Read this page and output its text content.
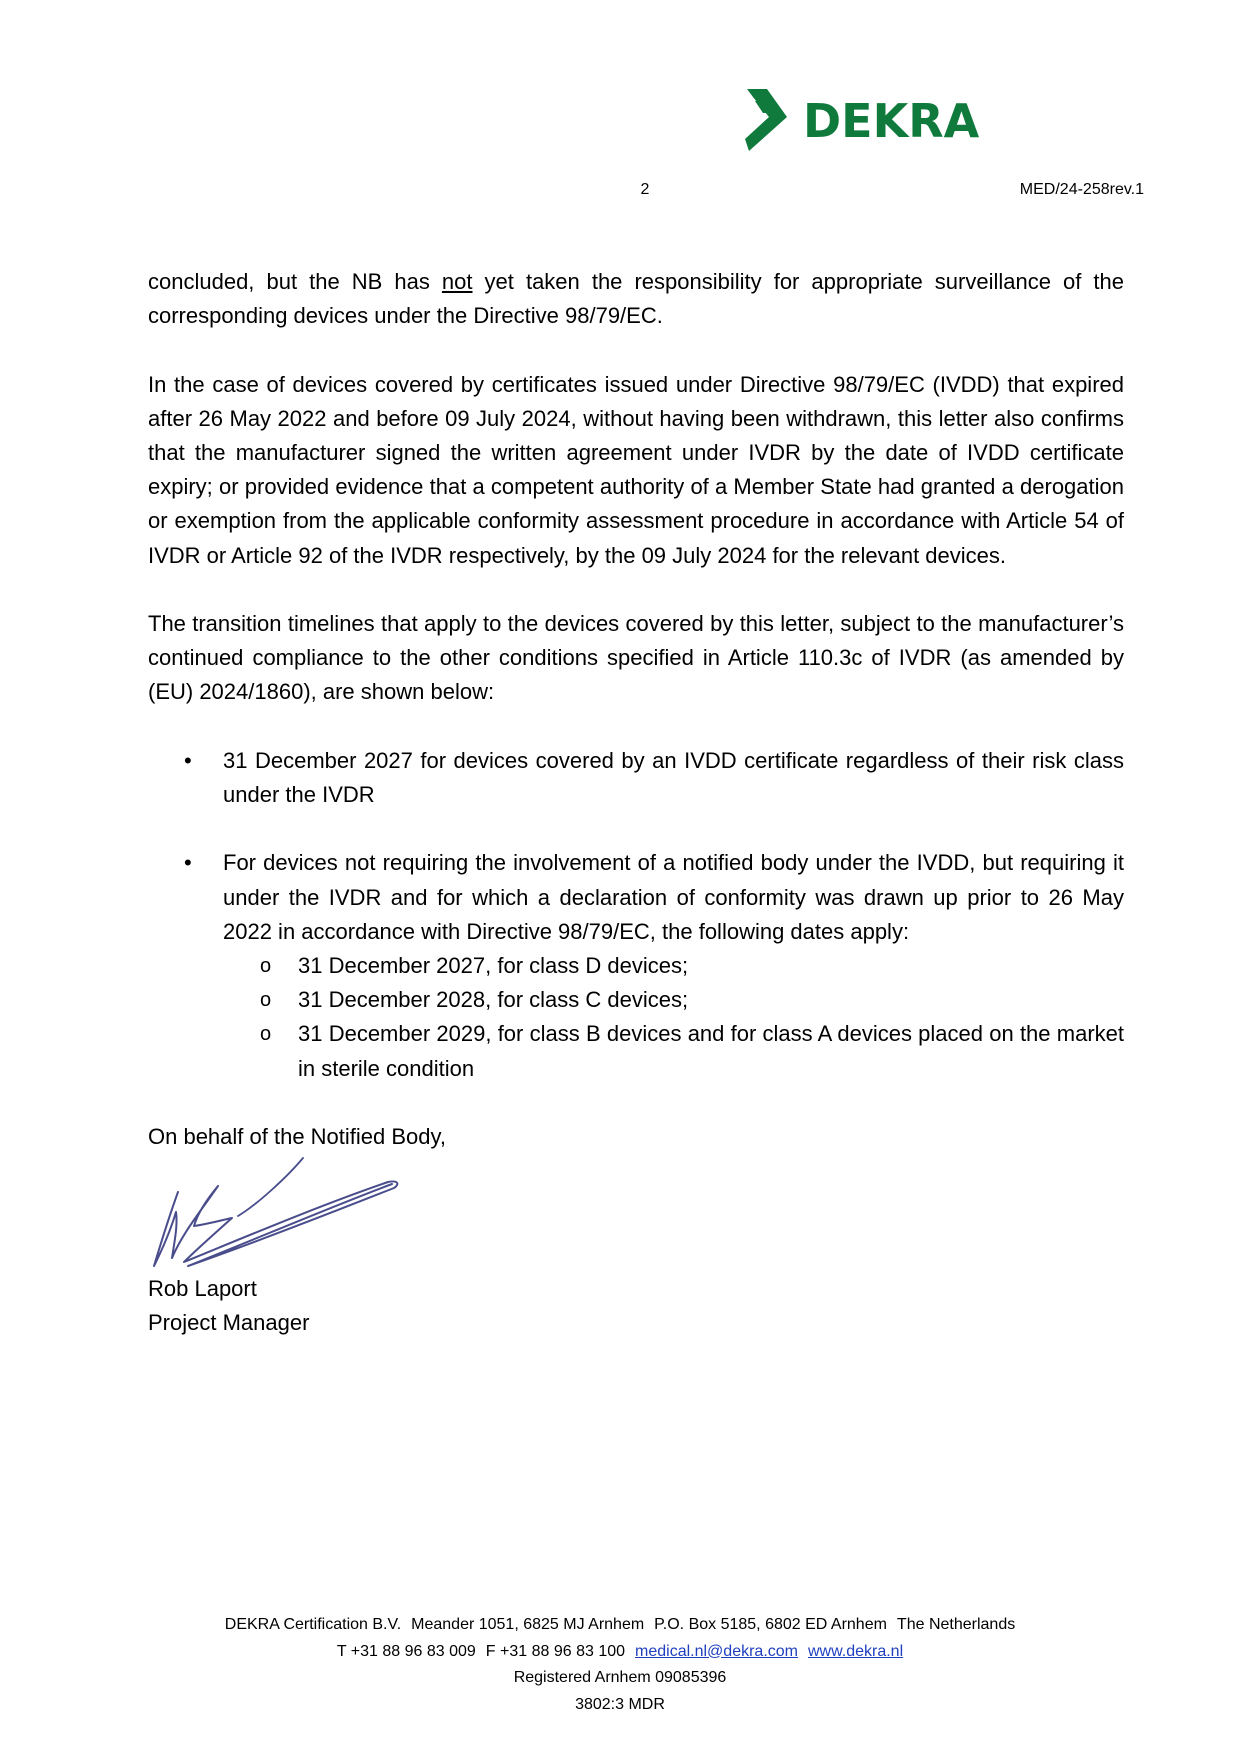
DEKRA
2	MED/24-258rev.1

concluded, but the NB has not yet taken the responsibility for appropriate surveillance of the corresponding devices under the Directive 98/79/EC.

In the case of devices covered by certificates issued under Directive 98/79/EC (IVDD) that expired after 26 May 2022 and before 09 July 2024, without having been withdrawn, this letter also confirms that the manufacturer signed the written agreement under IVDR by the date of IVDD certificate expiry; or provided evidence that a competent authority of a Member State had granted a derogation or exemption from the applicable conformity assessment procedure in accordance with Article 54 of IVDR or Article 92 of the IVDR respectively, by the 09 July 2024 for the relevant devices.

The transition timelines that apply to the devices covered by this letter, subject to the manufacturer’s continued compliance to the other conditions specified in Article 110.3c of IVDR (as amended by (EU) 2024/1860), are shown below:

• 31 December 2027 for devices covered by an IVDD certificate regardless of their risk class under the IVDR
• For devices not requiring the involvement of a notified body under the IVDD, but requiring it under the IVDR and for which a declaration of conformity was drawn up prior to 26 May 2022 in accordance with Directive 98/79/EC, the following dates apply:
o 31 December 2027, for class D devices;
o 31 December 2028, for class C devices;
o 31 December 2029, for class B devices and for class A devices placed on the market in sterile condition

On behalf of the Notified Body,

Rob Laport

Project Manager

DEKRA Certification B.V. Meander 1051, 6825 MJ Arnhem P.O. Box 5185, 6802 ED Arnhem The Netherlands
T +31 88 96 83 009 F +31 88 96 83 100 medical.nl@dekra.com www.dekra.nl
Registered Arnhem 09085396
3802:3 MDR
